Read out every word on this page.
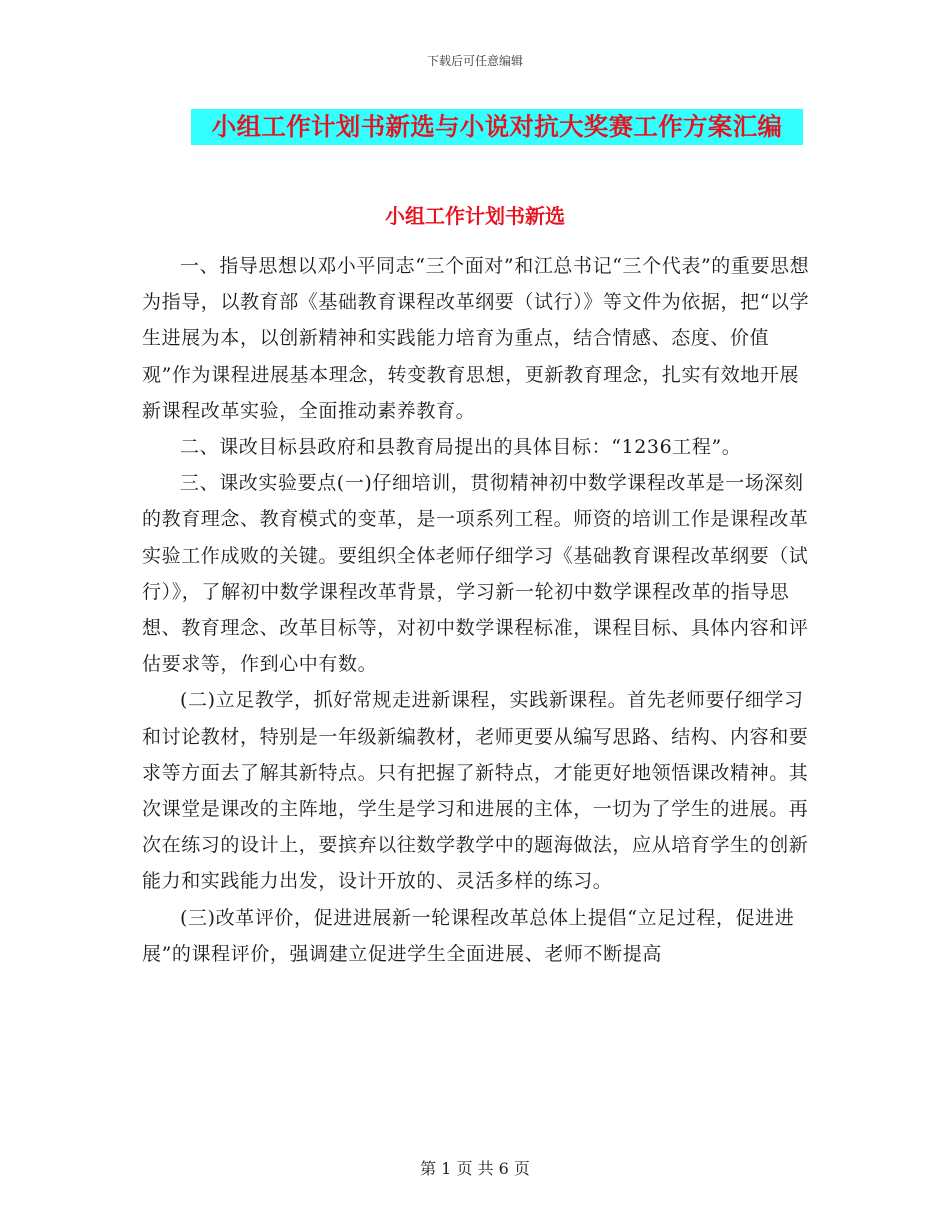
下载后可任意编辑
小组工作计划书新选与小说对抗大奖赛工作方案汇编
小组工作计划书新选

一、指导思想以邓小平同志“三个面对”和江总书记“三个代表”的重要思想为指导，以教育部《基础教育课程改革纲要（试行）》等文件为依据，把“以学生进展为本，以创新精神和实践能力培育为重点，结合情感、态度、价值观”作为课程进展基本理念，转变教育思想，更新教育理念，扎实有效地开展新课程改革实验，全面推动素养教育。

二、课改目标县政府和县教育局提出的具体目标：“1236工程”。

三、课改实验要点(一)仔细培训，贯彻精神初中数学课程改革是一场深刻的教育理念、教育模式的变革，是一项系列工程。师资的培训工作是课程改革实验工作成败的关键。要组织全体老师仔细学习《基础教育课程改革纲要（试行）》，了解初中数学课程改革背景，学习新一轮初中数学课程改革的指导思想、教育理念、改革目标等，对初中数学课程标准，课程目标、具体内容和评估要求等，作到心中有数。

(二)立足教学，抓好常规走进新课程，实践新课程。首先老师要仔细学习和讨论教材，特别是一年级新编教材，老师更要从编写思路、结构、内容和要求等方面去了解其新特点。只有把握了新特点，才能更好地领悟课改精神。其次课堂是课改的主阵地，学生是学习和进展的主体，一切为了学生的进展。再次在练习的设计上，要摈弃以往数学教学中的题海做法，应从培育学生的创新能力和实践能力出发，设计开放的、灵活多样的练习。

(三)改革评价，促进进展新一轮课程改革总体上提倡“立足过程，促进进展”的课程评价，强调建立促进学生全面进展、老师不断提高

第 1 页 共 6 页
